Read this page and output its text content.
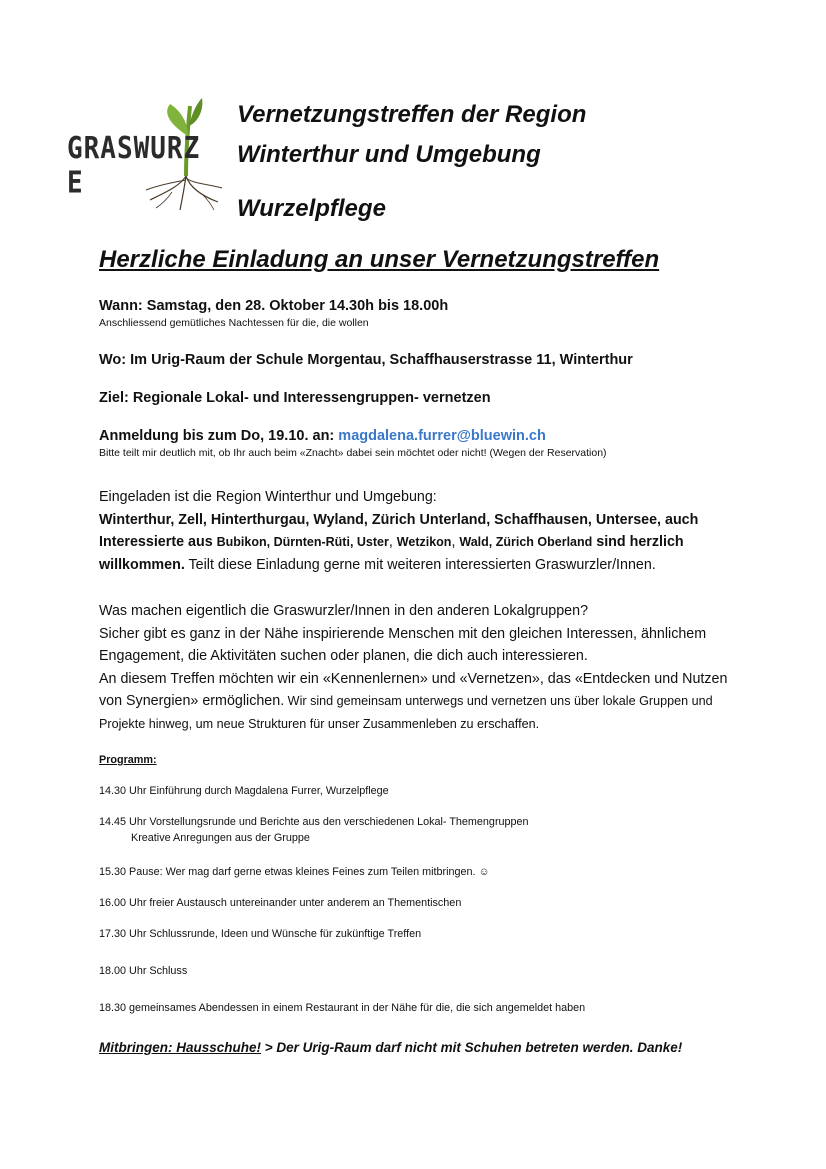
GRASWURZ E
Vernetzungstreffen der Region
Winterthur und Umgebung
Wurzelpflege
Herzliche Einladung an unser Vernetzungstreffen
Wann: Samstag, den 28. Oktober 14.30h bis 18.00h
Anschliessend gemütliches Nachtessen für die, die wollen
Wo: Im Urig-Raum der Schule Morgentau, Schaffhauserstrasse 11, Winterthur
Ziel: Regionale Lokal- und Interessengruppen- vernetzen
Anmeldung bis zum Do, 19.10. an: magdalena.furrer@bluewin.ch
Bitte teilt mir deutlich mit, ob Ihr auch beim «Znacht» dabei sein möchtet oder nicht! (Wegen der Reservation)
Eingeladen ist die Region Winterthur und Umgebung:
Winterthur, Zell, Hinterthurgau, Wyland, Zürich Unterland, Schaffhausen, Untersee, auch Interessierte aus Bubikon, Dürnten-Rüti, Uster, Wetzikon, Wald, Zürich Oberland sind herzlich willkommen. Teilt diese Einladung gerne mit weiteren interessierten Graswurzler/Innen.
Was machen eigentlich die Graswurzler/Innen in den anderen Lokalgruppen?
Sicher gibt es ganz in der Nähe inspirierende Menschen mit den gleichen Interessen, ähnlichem Engagement, die Aktivitäten suchen oder planen, die dich auch interessieren.
An diesem Treffen möchten wir ein «Kennenlernen» und «Vernetzen», das «Entdecken und Nutzen von Synergien» ermöglichen. Wir sind gemeinsam unterwegs und vernetzen uns über lokale Gruppen und Projekte hinweg, um neue Strukturen für unser Zusammenleben zu erschaffen.
Programm:
14.30 Uhr Einführung durch Magdalena Furrer, Wurzelpflege
14.45 Uhr Vorstellungsrunde und Berichte aus den verschiedenen Lokal- Themengruppen
Kreative Anregungen aus der Gruppe
15.30 Pause: Wer mag darf gerne etwas kleines Feines zum Teilen mitbringen. ☺
16.00 Uhr freier Austausch untereinander unter anderem an Thementischen
17.30 Uhr Schlussrunde, Ideen und Wünsche für zukünftige Treffen
18.00 Uhr Schluss
18.30 gemeinsames Abendessen in einem Restaurant in der Nähe für die, die sich angemeldet haben
Mitbringen: Hausschuhe! > Der Urig-Raum darf nicht mit Schuhen betreten werden. Danke!
